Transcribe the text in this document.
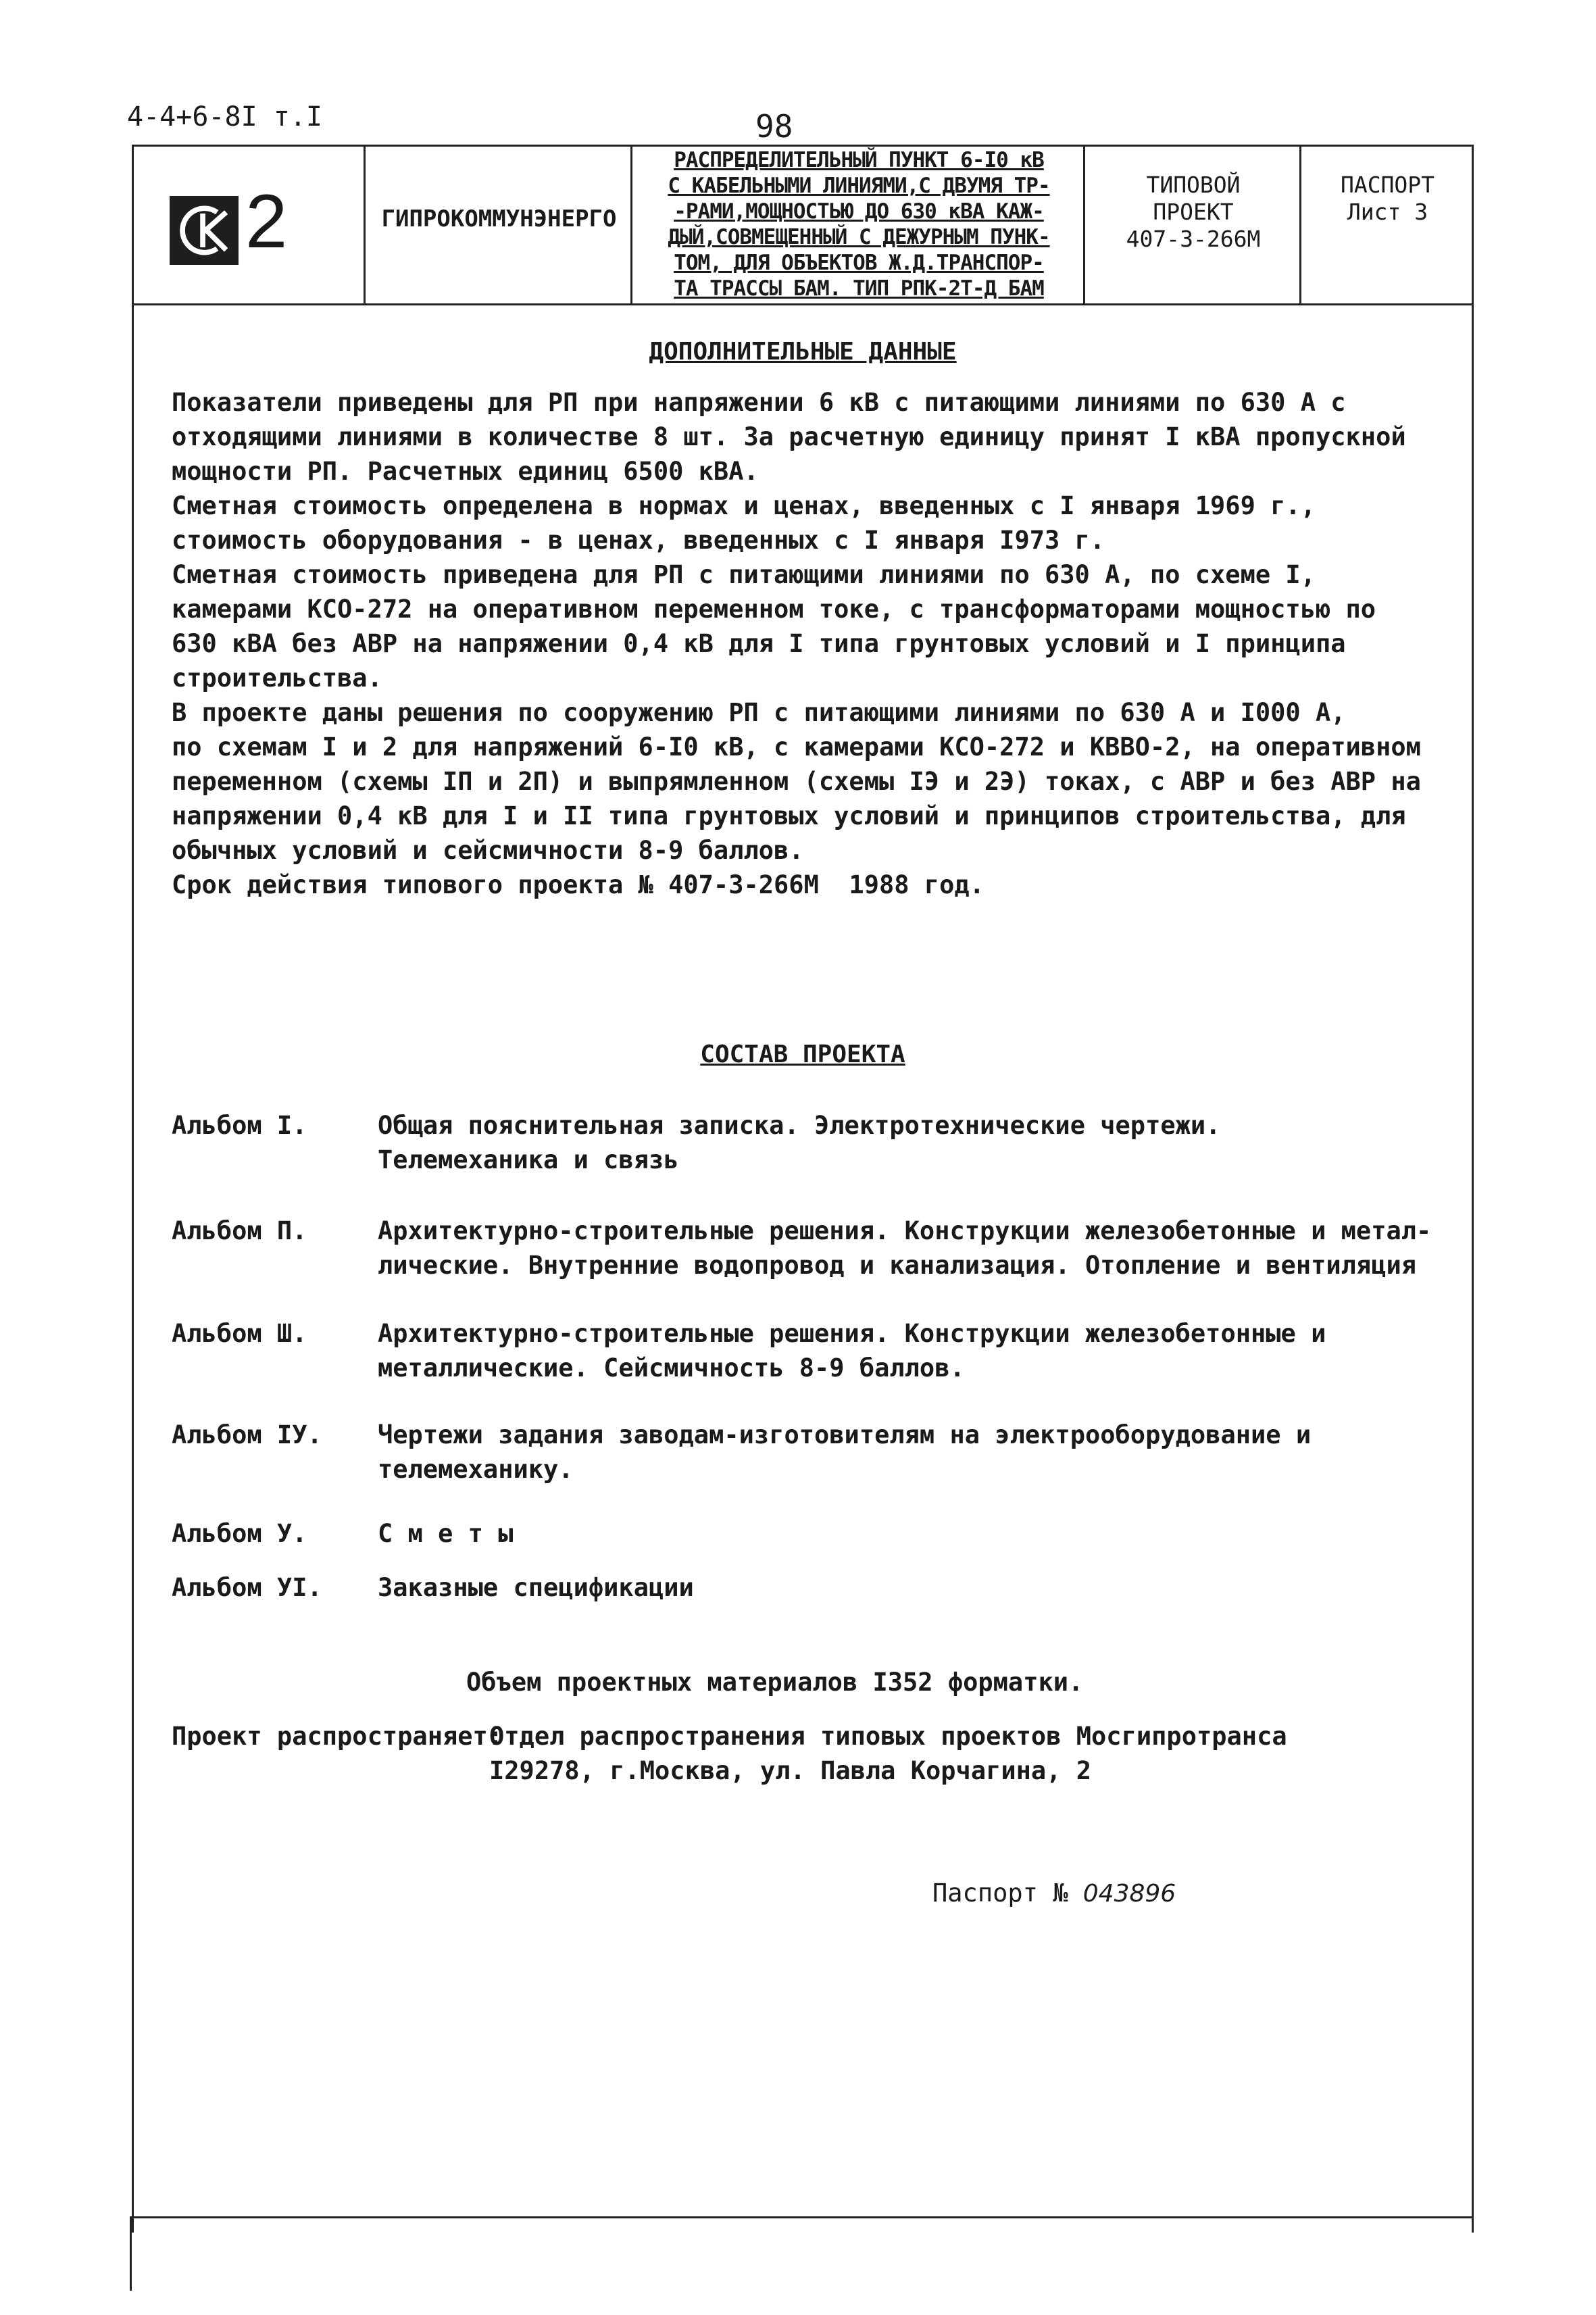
4-4+6-8I т.I	98
2	ГИПРОКОММУНЭНЕРГО
РАСПРЕДЕЛИТЕЛЬНЫЙ ПУНКТ 6-I0 кВ
С КАБЕЛЬНЫМИ ЛИНИЯМИ,С ДВУМЯ ТР-
-РАМИ,МОЩНОСТЬЮ ДО 630 кВА КАЖ-
ДЫЙ,СОВМЕЩЕННЫЙ С ДЕЖУРНЫМ ПУНК-
ТОМ, ДЛЯ ОБЪЕКТОВ Ж.Д.ТРАНСПОР-
ТА ТРАССЫ БАМ. ТИП РПК-2Т-Д БАМ
ТИПОВОЙ
ПРОЕКТ
407-3-266М
ПАСПОРТ
Лист 3
ДОПОЛНИТЕЛЬНЫЕ ДАННЫЕ
Показатели приведены для РП при напряжении 6 кВ с питающими линиями по 630 А с
отходящими линиями в количестве 8 шт. За расчетную единицу принят I кВА пропускной
мощности РП. Расчетных единиц 6500 кВА.
Сметная стоимость определена в нормах и ценах, введенных с I января 1969 г.,
стоимость оборудования - в ценах, введенных с I января I973 г.
Сметная стоимость приведена для РП с питающими линиями по 630 А, по схеме I,
камерами КСО-272 на оперативном переменном токе, с трансформаторами мощностью по
630 кВА без АВР на напряжении 0,4 кВ для I типа грунтовых условий и I принципа
строительства.
В проекте даны решения по сооружению РП с питающими линиями по 630 А и I000 А,
по схемам I и 2 для напряжений 6-I0 кВ, с камерами КСО-272 и КВВО-2, на оперативном
переменном (схемы IП и 2П) и выпрямленном (схемы IЭ и 2Э) токах, с АВР и без АВР на
напряжении 0,4 кВ для I и II типа грунтовых условий и принципов строительства, для
обычных условий и сейсмичности 8-9 баллов.
Срок действия типового проекта № 407-3-266М  1988 год.
СОСТАВ ПРОЕКТА
Альбом I.	Общая пояснительная записка. Электротехнические чертежи.
Телемеханика и связь
Альбом П.	Архитектурно-строительные решения. Конструкции железобетонные и метал-
лические. Внутренние водопровод и канализация. Отопление и вентиляция
Альбом Ш.	Архитектурно-строительные решения. Конструкции железобетонные и
металлические. Сейсмичность 8-9 баллов.
Альбом IУ. Чертежи задания заводам-изготовителям на электрооборудование и
телемеханику.
Альбом У.	С м е т ы
Альбом УI. Заказные спецификации
Объем проектных материалов I352 форматки.
Проект распространяет:
Отдел распространения типовых проектов Мосгипротранса
I29278, г.Москва, ул. Павла Корчагина, 2
Паспорт № 043896
